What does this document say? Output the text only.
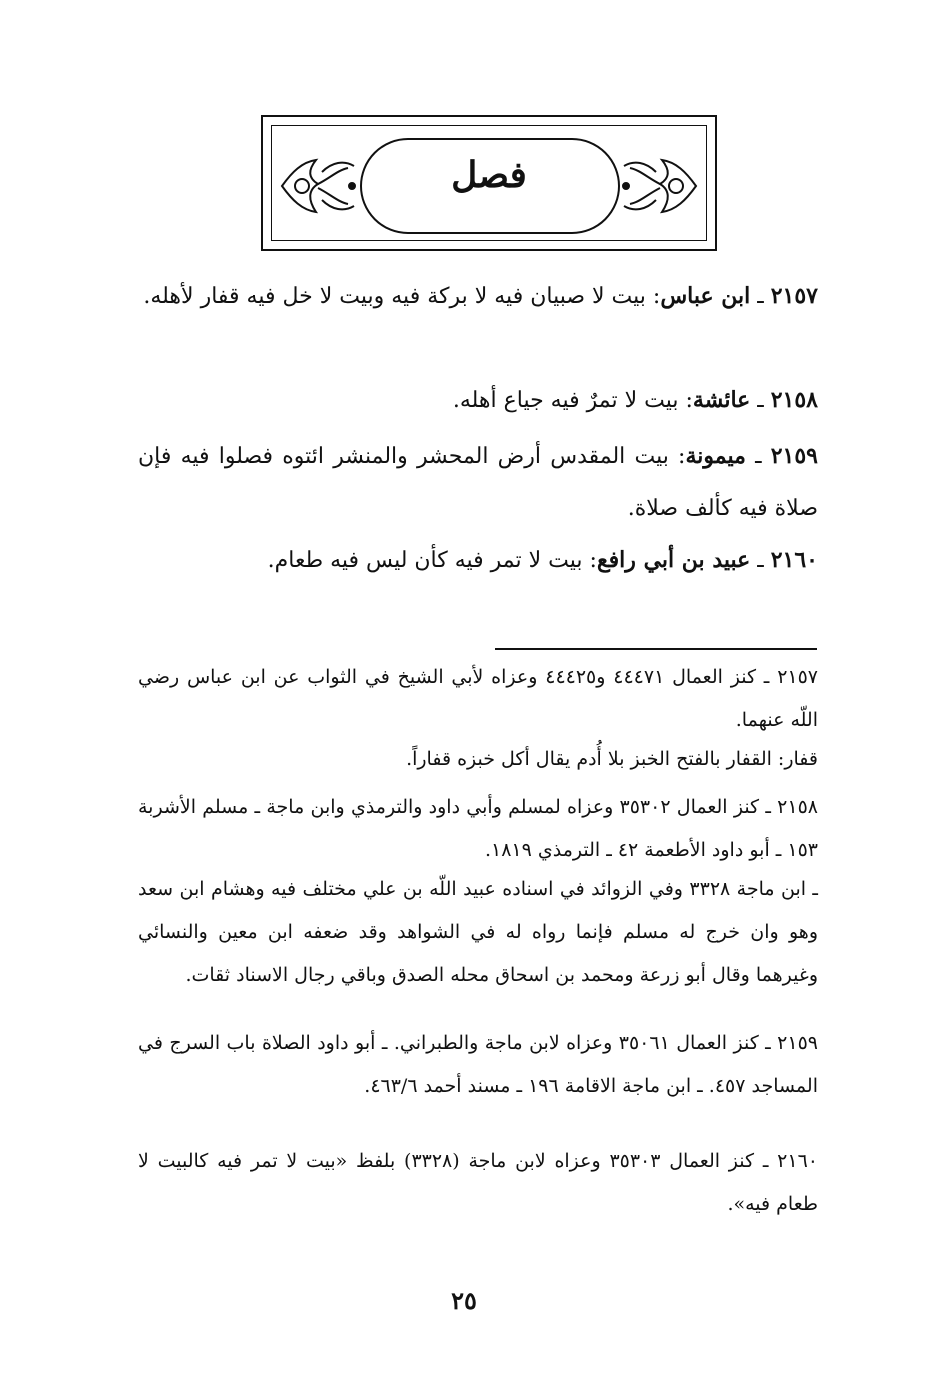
فصل
٢١٥٧ ـ ابن عباس: بيت لا صبيان فيه لا بركة فيه وبيت لا خل فيه قفار لأهله.
٢١٥٨ ـ عائشة: بيت لا تمرٌ فيه جياع أهله.
٢١٥٩ ـ ميمونة: بيت المقدس أرض المحشر والمنشر ائتوه فصلوا فيه فإن صلاة فيه كألف صلاة.
٢١٦٠ ـ عبيد بن أبي رافع: بيت لا تمر فيه كأن ليس فيه طعام.
٢١٥٧ ـ كنز العمال ٤٤٤٧١ و٤٤٤٢٥ وعزاه لأبي الشيخ في الثواب عن ابن عباس رضي اللّه عنهما.
قفار: القفار بالفتح الخبز بلا أُدم يقال أكل خبزه قفاراً.
٢١٥٨ ـ كنز العمال ٣٥٣٠٢ وعزاه لمسلم وأبي داود والترمذي وابن ماجة ـ مسلم الأشربة ١٥٣ ـ أبو داود الأطعمة ٤٢ ـ الترمذي ١٨١٩.
ـ ابن ماجة ٣٣٢٨ وفي الزوائد في اسناده عبيد اللّه بن علي مختلف فيه وهشام ابن سعد وهو وان خرج له مسلم فإنما رواه له في الشواهد وقد ضعفه ابن معين والنسائي وغيرهما وقال أبو زرعة ومحمد بن اسحاق محله الصدق وباقي رجال الاسناد ثقات.
٢١٥٩ ـ كنز العمال ٣٥٠٦١ وعزاه لابن ماجة والطبراني. ـ أبو داود الصلاة باب السرج في المساجد ٤٥٧. ـ ابن ماجة الاقامة ١٩٦ ـ مسند أحمد ٤٦٣/٦.
٢١٦٠ ـ كنز العمال ٣٥٣٠٣ وعزاه لابن ماجة (٣٣٢٨) بلفظ «بيت لا تمر فيه كالبيت لا طعام فيه».
٢٥
